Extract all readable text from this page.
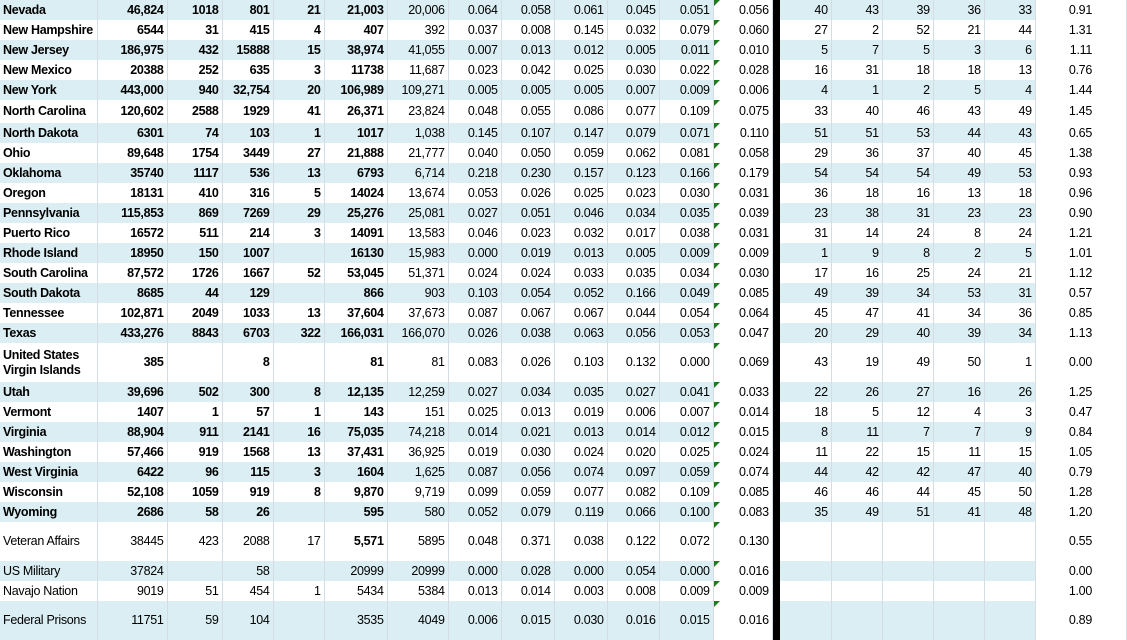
Nevada	46,824	1018	801	21	21,003	20,006	0.064	0.058	0.061	0.045	0.051	0.056		40	43	39	36	33	0.91
New Hampshire	6544	31	415	4	407	392	0.037	0.008	0.145	0.032	0.079	0.060		27	2	52	21	44	1.31
New Jersey	186,975	432	15888	15	38,974	41,055	0.007	0.013	0.012	0.005	0.011	0.010		5	7	5	3	6	1.11
New Mexico	20388	252	635	3	11738	11,687	0.023	0.042	0.025	0.030	0.022	0.028		16	31	18	18	13	0.76
New York	443,000	940	32,754	20	106,989	109,271	0.005	0.005	0.005	0.007	0.009	0.006		4	1	2	5	4	1.44
North Carolina	120,602	2588	1929	41	26,371	23,824	0.048	0.055	0.086	0.077	0.109	0.075		33	40	46	43	49	1.45
North Dakota	6301	74	103	1	1017	1,038	0.145	0.107	0.147	0.079	0.071	0.110		51	51	53	44	43	0.65
Ohio	89,648	1754	3449	27	21,888	21,777	0.040	0.050	0.059	0.062	0.081	0.058		29	36	37	40	45	1.38
Oklahoma	35740	1117	536	13	6793	6,714	0.218	0.230	0.157	0.123	0.166	0.179		54	54	54	49	53	0.93
Oregon	18131	410	316	5	14024	13,674	0.053	0.026	0.025	0.023	0.030	0.031		36	18	16	13	18	0.96
Pennsylvania	115,853	869	7269	29	25,276	25,081	0.027	0.051	0.046	0.034	0.035	0.039		23	38	31	23	23	0.90
Puerto Rico	16572	511	214	3	14091	13,583	0.046	0.023	0.032	0.017	0.038	0.031		31	14	24	8	24	1.21
Rhode Island	18950	150	1007		16130	15,983	0.000	0.019	0.013	0.005	0.009	0.009		1	9	8	2	5	1.01
South Carolina	87,572	1726	1667	52	53,045	51,371	0.024	0.024	0.033	0.035	0.034	0.030		17	16	25	24	21	1.12
South Dakota	8685	44	129		866	903	0.103	0.054	0.052	0.166	0.049	0.085		49	39	34	53	31	0.57
Tennessee	102,871	2049	1033	13	37,604	37,673	0.087	0.067	0.067	0.044	0.054	0.064		45	47	41	34	36	0.85
Texas	433,276	8843	6703	322	166,031	166,070	0.026	0.038	0.063	0.056	0.053	0.047		20	29	40	39	34	1.13
United States Virgin Islands	385		8		81	81	0.083	0.026	0.103	0.132	0.000	0.069		43	19	49	50	1	0.00
Utah	39,696	502	300	8	12,135	12,259	0.027	0.034	0.035	0.027	0.041	0.033		22	26	27	16	26	1.25
Vermont	1407	1	57	1	143	151	0.025	0.013	0.019	0.006	0.007	0.014		18	5	12	4	3	0.47
Virginia	88,904	911	2141	16	75,035	74,218	0.014	0.021	0.013	0.014	0.012	0.015		8	11	7	7	9	0.84
Washington	57,466	919	1568	13	37,431	36,925	0.019	0.030	0.024	0.020	0.025	0.024		11	22	15	11	15	1.05
West Virginia	6422	96	115	3	1604	1,625	0.087	0.056	0.074	0.097	0.059	0.074		44	42	42	47	40	0.79
Wisconsin	52,108	1059	919	8	9,870	9,719	0.099	0.059	0.077	0.082	0.109	0.085		46	46	44	45	50	1.28
Wyoming	2686	58	26		595	580	0.052	0.079	0.119	0.066	0.100	0.083		35	49	51	41	48	1.20
Veteran Affairs	38445	423	2088	17	5,571	5895	0.048	0.371	0.038	0.122	0.072	0.130							0.55
US Military	37824		58		20999	20999	0.000	0.028	0.000	0.054	0.000	0.016							0.00
Navajo Nation	9019	51	454	1	5434	5384	0.013	0.014	0.003	0.008	0.009	0.009							1.00
Federal Prisons	11751	59	104		3535	4049	0.006	0.015	0.030	0.016	0.015	0.016							0.89
